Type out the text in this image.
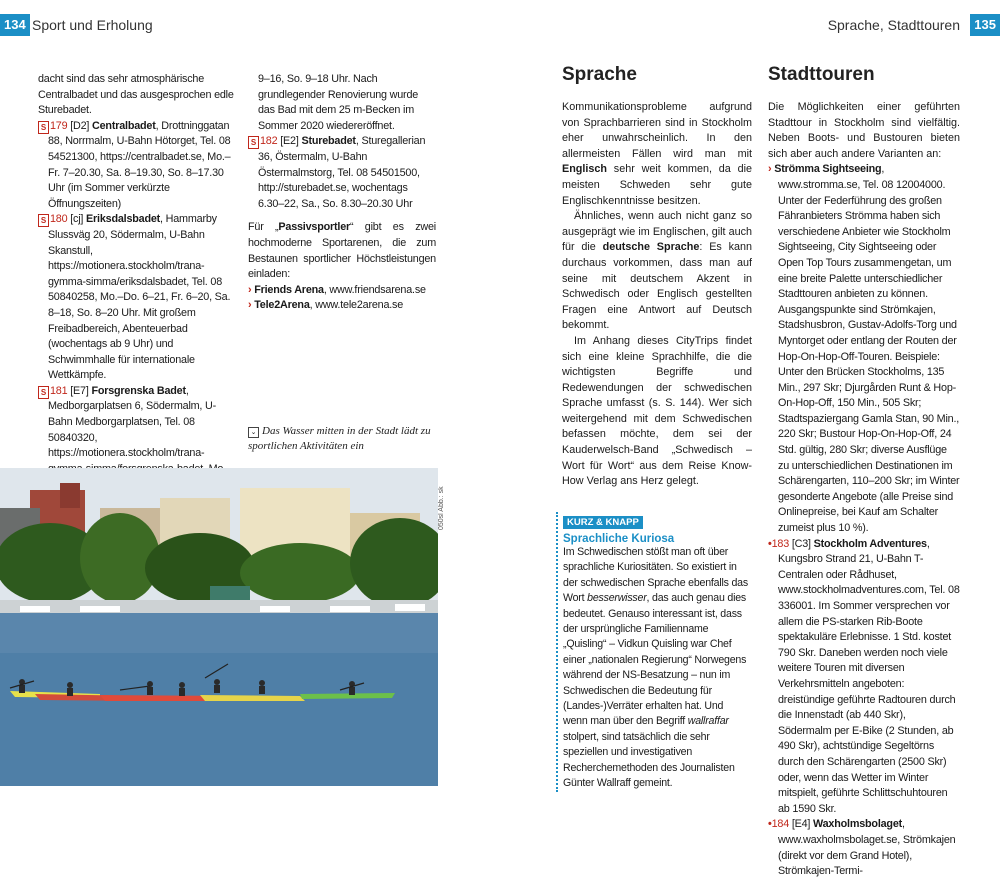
134 Sport und Erholung

dacht sind das sehr atmosphärische Centralbadet und das ausgesprochen edle Sturebadet.

S 179 [D2] Centralbadet, Drottninggatan 88, Norrmalm, U-Bahn Hötorget, Tel. 08 54521300, https://centralbadet.se, Mo.–Fr. 7–20.30, Sa. 8–19.30, So. 8–17.30 Uhr (im Sommer verkürzte Öffnungszeiten)

S 180 [cj] Eriksdalsbadet, Hammarby Slussväg 20, Södermalm, U-Bahn Skanstull, https://motionera.stockholm/trana-gymma-simma/eriksdalsbadet, Tel. 08 50840258, Mo.–Do. 6–21, Fr. 6–20, Sa. 8–18, So. 8–20 Uhr. Mit großem Freibadbereich, Abenteuerbad (wochentags ab 9 Uhr) und Schwimmhalle für internationale Wettkämpfe.

S 181 [E7] Forsgrenska Badet, Medborgarplatsen 6, Södermalm, U-Bahn Medborgarplatsen, Tel. 08 50840320, https://motionera.stockholm/trana-

9–16, So. 9–18 Uhr. Nach grundlegender Renovierung wurde das Bad mit dem 25 m-Becken im Sommer 2020 wiedereröffnet.

S 182 [E2] Sturebadet, Sturegallerian 36, Östermalm, U-Bahn Östermalmstorg, Tel. 08 54501500, http://sturebadet.se, wochentags 6.30–22, Sa., So. 8.30–20.30 Uhr

Für „Passivsportler“ gibt es zwei hochmoderne Sportarenen, die zum Bestaunen sportlicher Höchstleistungen einladen:

› Friends Arena, www.friendsarena.se

› Tele2Arena, www.tele2arena.se

⌄ Das Wasser mitten in der Stadt lädt zu sportlichen Aktivitäten ein
050sl Abb.: sk
Sprache, Stadttouren	135
Sprache

Kommunikationsprobleme aufgrund von Sprachbarrieren sind in Stockholm eher unwahrscheinlich. In den allermeisten Fällen wird man mit Englisch sehr weit kommen, da die meisten Schweden sehr gute Englischkenntnisse besitzen.

Ähnliches, wenn auch nicht ganz so ausgeprägt wie im Englischen, gilt auch für die deutsche Sprache: Es kann durchaus vorkommen, dass man auf seine mit deutschem Akzent in Schwedisch oder Englisch gestellten Fragen eine Antwort auf Deutsch bekommt.

Im Anhang dieses CityTrips findet sich eine kleine Sprachhilfe, die die wichtigsten Begriffe und Redewendungen der schwedischen Sprache umfasst (s. S. 144). Wer sich weitergehend mit dem Schwedischen befassen möchte, dem sei der Kauderwelsch-Band „Schwedisch – Wort für Wort“ aus dem Reise Know-How Verlag ans Herz gelegt.

KURZ & KNAPP
Sprachliche Kuriosa

Im Schwedischen stößt man oft über sprachliche Kuriositäten. So existiert in der schwedischen Sprache ebenfalls das Wort besserwisser, das auch genau dies bedeutet. Genauso interessant ist, dass der ursprüngliche Familienname „Quisling“ – Vidkun Quisling war Chef einer „nationalen Regierung“ Norwegens während der NS-Besatzung – nun im Schwedischen die Bedeutung für (Landes-)Verräter erhalten hat. Und wenn man über den Begriff wallraffar stolpert, sind tatsächlich die sehr speziellen und investigativen Recherchemethoden des Journalisten Günter Wallraff gemeint.

Stadttouren

Die Möglichkeiten einer geführten Stadttour in Stockholm sind vielfältig. Neben Boots- und Bustouren bieten sich aber auch andere Varianten an:

› Strömma Sightseeing, www.stromma.se, Tel. 08 12004000. Unter der Federführung des großen Fähranbieters Strömma haben sich verschiedene Anbieter wie Stockholm Sightseeing, City Sightseeing oder Open Top Tours zusammengetan, um eine breite Palette unterschiedlicher Stadttouren anbieten zu können. Ausgangspunkte sind Strömkajen, Stadshusbron, Gustav-Adolfs-Torg und Myntorget oder entlang der Routen der Hop-On-Hop-Off-Touren. Beispiele: Unter den Brücken Stockholms, 135 Min., 297 Skr; Djurgården Runt & Hop-On-Hop-Off, 150 Min., 505 Skr; Stadtspaziergang Gamla Stan, 90 Min., 220 Skr; Bustour Hop-On-Hop-Off, 24 Std. gültig, 280 Skr; diverse Ausflüge zu unterschiedlichen Destinationen im Schärengarten, 110–200 Skr; im Winter gesonderte Angebote (alle Preise sind Onlinepreise, bei Kauf am Schalter zumeist plus 10 %).

•183 [C3] Stockholm Adventures, Kungsbro Strand 21, U-Bahn T-Centralen oder Rådhuset, www.stockholmadventures.com, Tel. 08 336001. Im Sommer versprechen vor allem die PS-starken Rib-Boote spektakuläre Erlebnisse. 1 Std. kostet 790 Skr. Daneben werden noch viele weitere Touren mit diversen Verkehrsmitteln angeboten: dreistündige geführte Radtouren durch die Innenstadt (ab 440 Skr), Södermalm per E-Bike (2 Stunden, ab 490 Skr), achtstündige Segeltörns durch den Schärengarten (2500 Skr) oder, wenn das Wetter im Winter mitspielt, geführte Schlittschuhtouren ab 1590 Skr.

•184 [E4] Waxholmsbolaget, www.waxholmsbolaget.se, Strömkajen (direkt vor dem Grand Hotel), Strömkajen-Termi-
